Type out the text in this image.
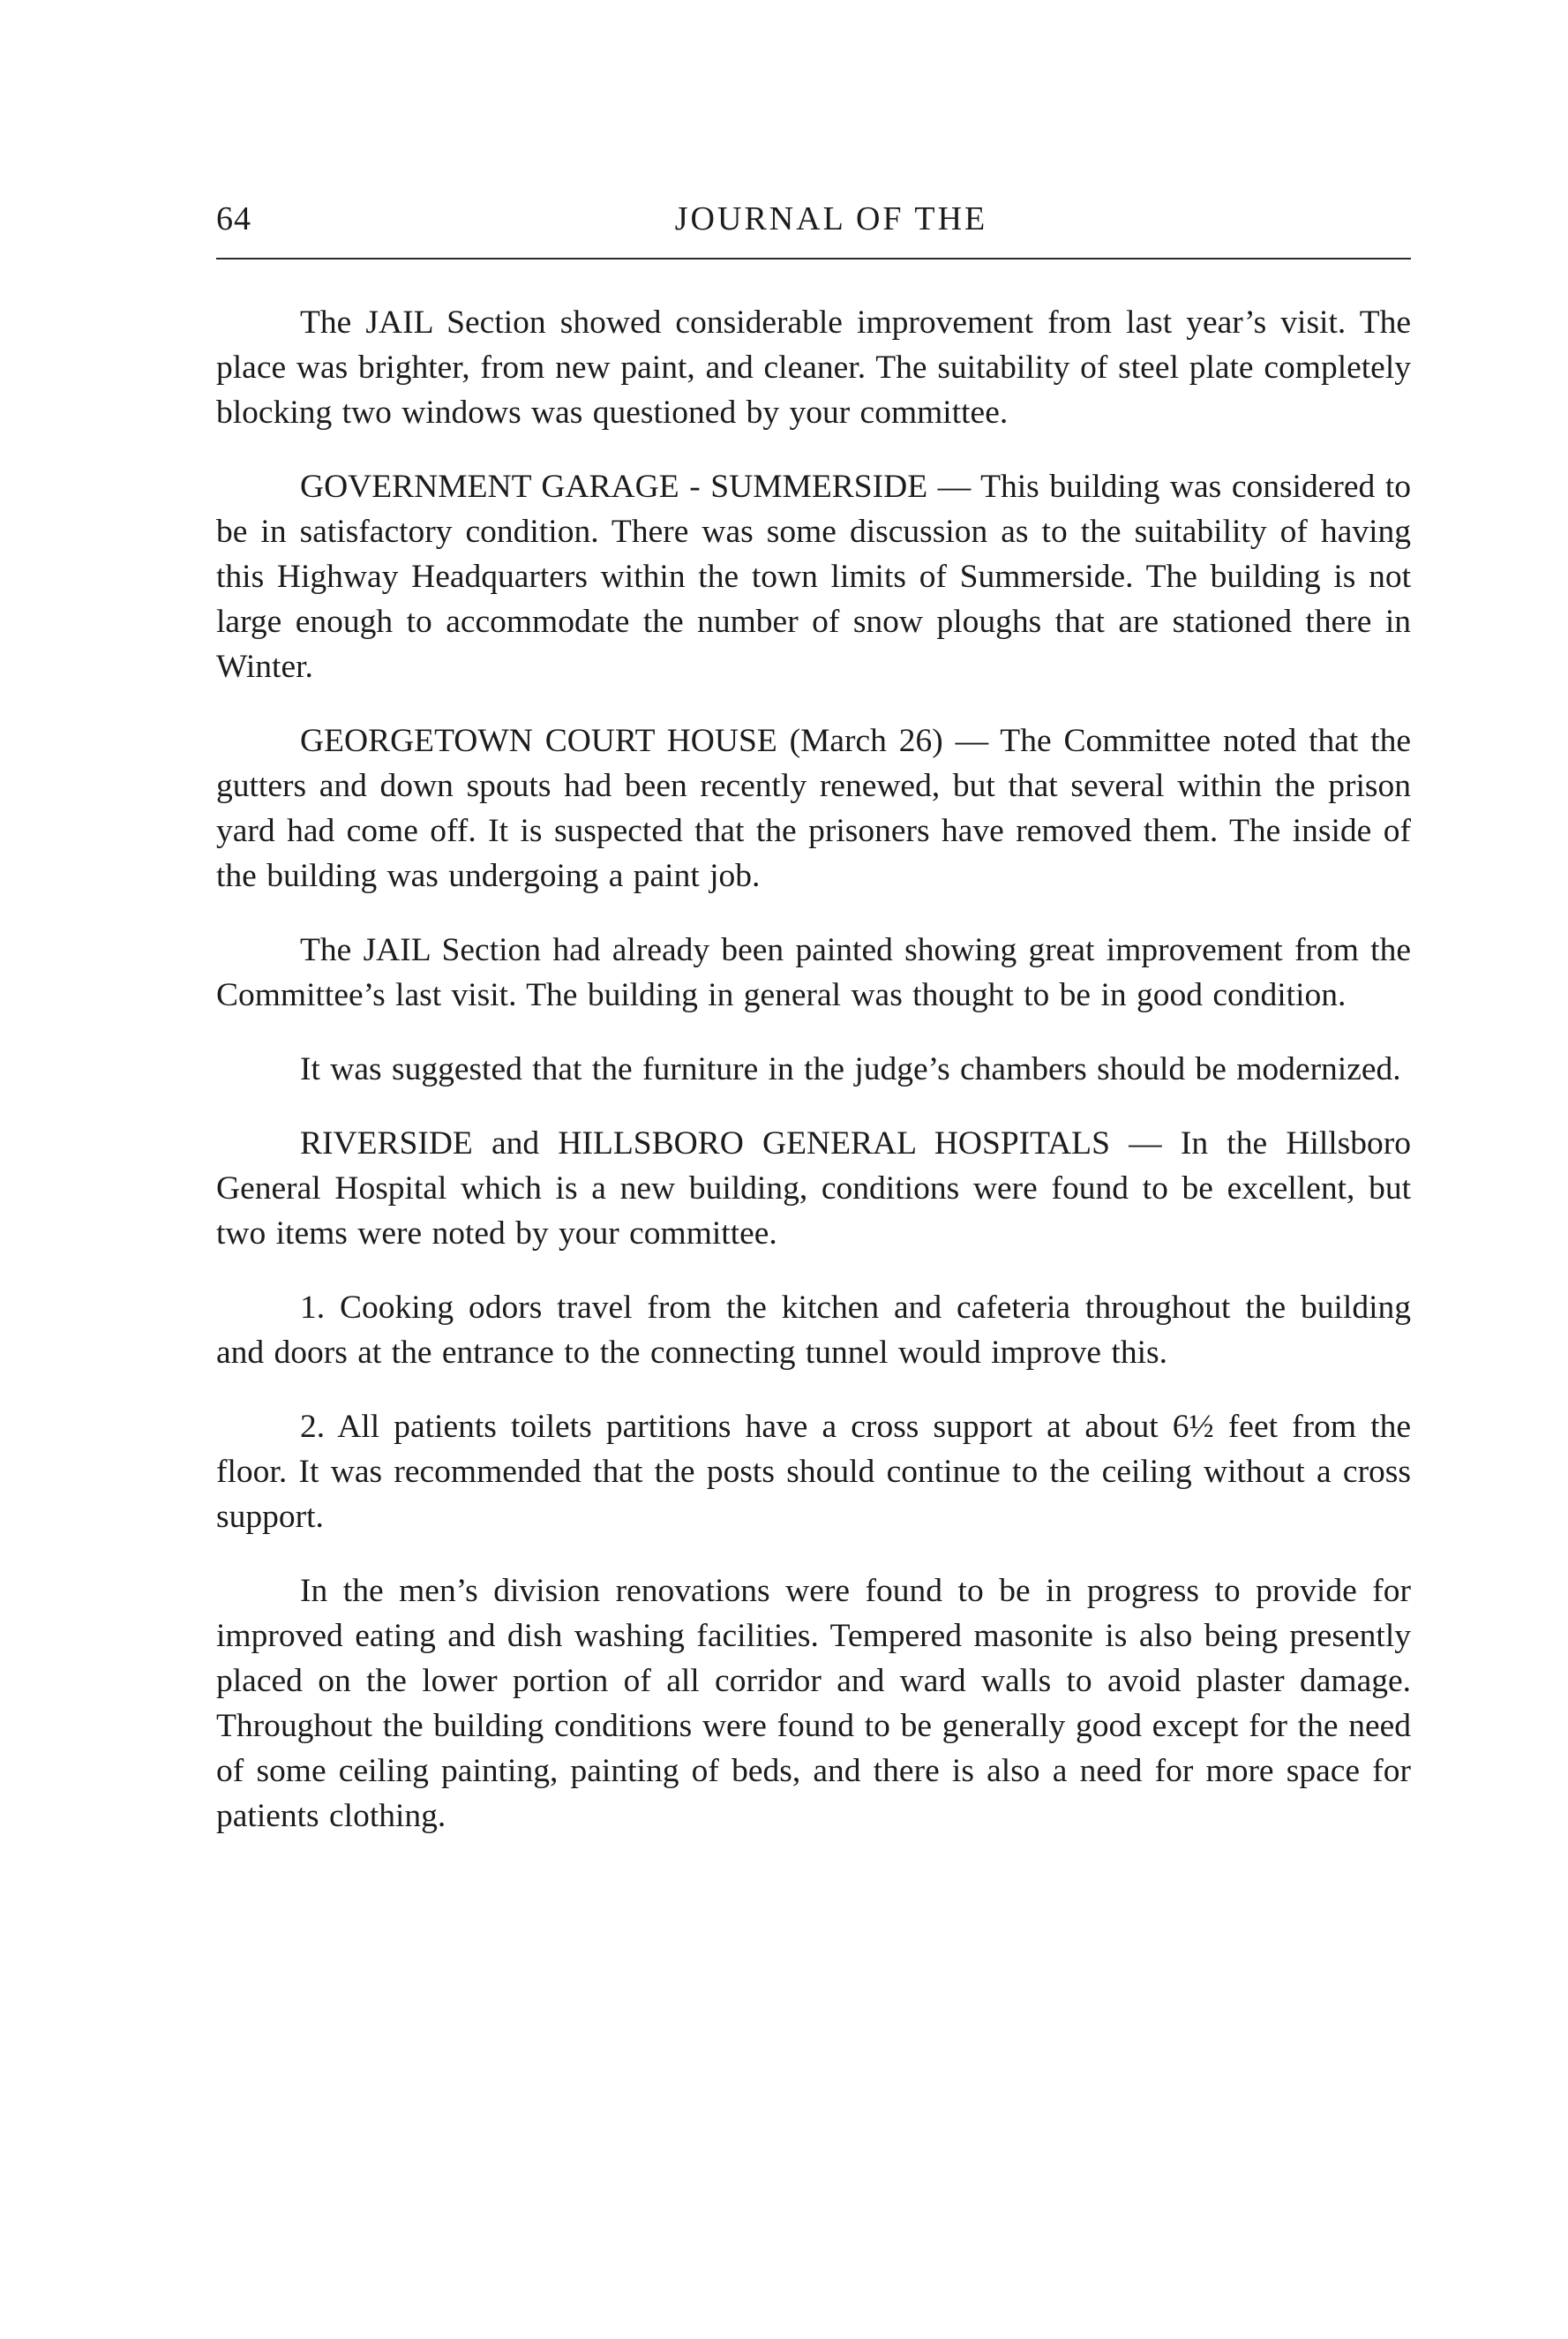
64	JOURNAL OF THE

The JAIL Section showed considerable improvement from last year’s visit. The place was brighter, from new paint, and cleaner. The suitability of steel plate completely blocking two windows was questioned by your committee.

GOVERNMENT GARAGE - SUMMERSIDE — This building was considered to be in satisfactory condition. There was some discussion as to the suitability of having this Highway Headquarters within the town limits of Summerside. The building is not large enough to accommodate the number of snow ploughs that are stationed there in Winter.

GEORGETOWN COURT HOUSE (March 26) — The Committee noted that the gutters and down spouts had been recently renewed, but that several within the prison yard had come off. It is suspected that the prisoners have removed them. The inside of the building was undergoing a paint job.

The JAIL Section had already been painted showing great improvement from the Committee’s last visit. The building in general was thought to be in good condition.

It was suggested that the furniture in the judge’s chambers should be modernized.

RIVERSIDE and HILLSBORO GENERAL HOSPITALS — In the Hillsboro General Hospital which is a new building, conditions were found to be excellent, but two items were noted by your committee.

1. Cooking odors travel from the kitchen and cafeteria throughout the building and doors at the entrance to the connecting tunnel would improve this.

2. All patients toilets partitions have a cross support at about 6½ feet from the floor. It was recommended that the posts should continue to the ceiling without a cross support.

In the men’s division renovations were found to be in progress to provide for improved eating and dish washing facilities. Tempered masonite is also being presently placed on the lower portion of all corridor and ward walls to avoid plaster damage. Throughout the building conditions were found to be generally good except for the need of some ceiling painting, painting of beds, and there is also a need for more space for patients clothing.
